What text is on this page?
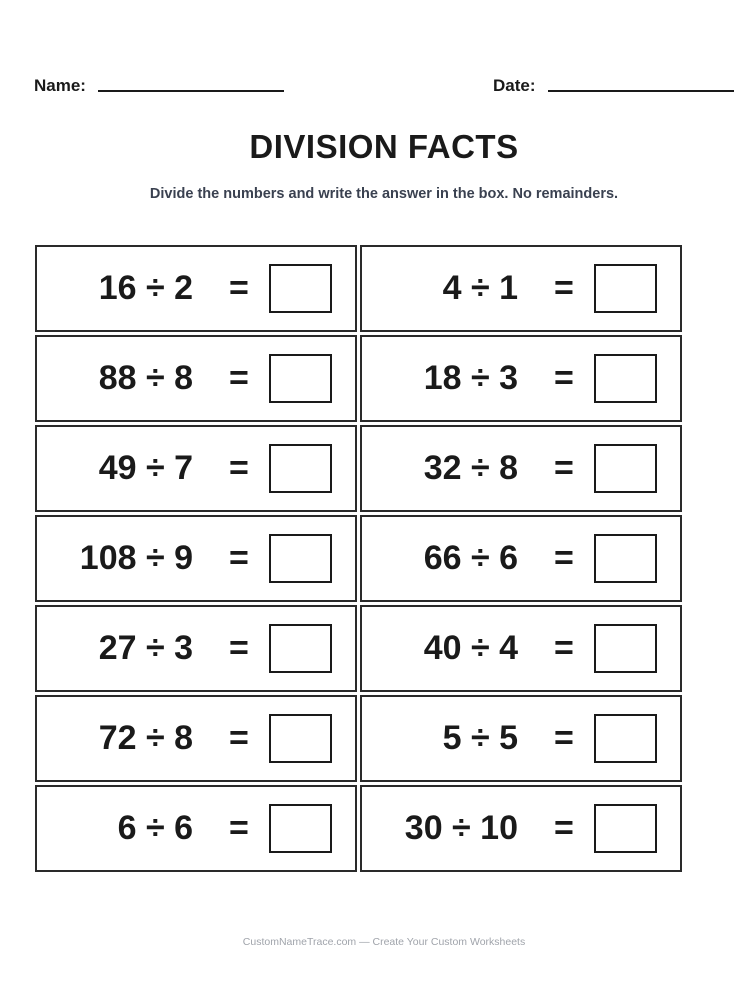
Name:	Date:
DIVISION FACTS

Divide the numbers and write the answer in the box. No remainders.

16 ÷ 2 =	4 ÷ 1 =
88 ÷ 8 =	18 ÷ 3 =
49 ÷ 7 =	32 ÷ 8 =
108 ÷ 9 =	66 ÷ 6 =
27 ÷ 3 =	40 ÷ 4 =
72 ÷ 8 =	5 ÷ 5 =
6 ÷ 6 =	30 ÷ 10 =

CustomNameTrace.com — Create Your Custom Worksheets
